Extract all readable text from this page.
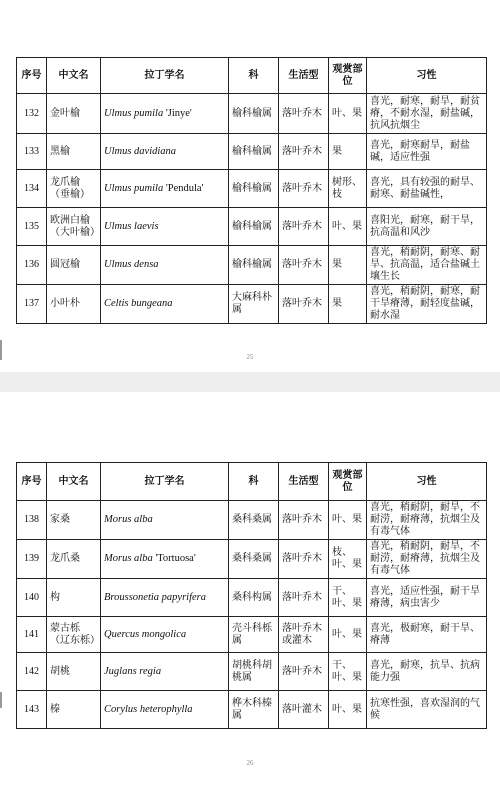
序号	中文名	拉丁学名	科	生活型	观赏部位	习性
132	金叶榆	Ulmus pumila 'Jinye'	榆科榆属	落叶乔木	叶、果	喜光，耐寒，耐旱，耐贫瘠，不耐水湿，耐盐碱，抗风抗烟尘
133	黑榆	Ulmus davidiana	榆科榆属	落叶乔木	果	喜光，耐寒耐旱，耐盐碱，适应性强
134	龙爪榆（垂榆）	Ulmus pumila 'Pendula'	榆科榆属	落叶乔木	树形、枝	喜光，具有较强的耐旱、耐寒、耐盐碱性，
135	欧洲白榆（大叶榆）	Ulmus laevis	榆科榆属	落叶乔木	叶、果	喜阳光，耐寒，耐干旱，抗高温和风沙
136	圆冠榆	Ulmus densa	榆科榆属	落叶乔木	果	喜光，稍耐阴，耐寒、耐旱、抗高温，适合盐碱土壤生长
137	小叶朴	Celtis bungeana	大麻科朴属	落叶乔木	果	喜光，稍耐阴，耐寒，耐干旱瘠薄，耐轻度盐碱，耐水湿
25
序号	中文名	拉丁学名	科	生活型	观赏部位	习性
138	家桑	Morus alba	桑科桑属	落叶乔木	叶、果	喜光，稍耐阴，耐旱，不耐涝，耐瘠薄，抗烟尘及有毒气体
139	龙爪桑	Morus alba 'Tortuosa'	桑科桑属	落叶乔木	枝、叶、果	喜光，稍耐阴，耐旱，不耐涝，耐瘠薄，抗烟尘及有毒气体
140	构	Broussonetia papyrifera	桑科构属	落叶乔木	干、叶、果	喜光，适应性强，耐干旱瘠薄，病虫害少
141	蒙古栎（辽东栎）	Quercus mongolica	壳斗科栎属	落叶乔木或灌木	叶、果	喜光，极耐寒，耐干旱、瘠薄
142	胡桃	Juglans regia	胡桃科胡桃属	落叶乔木	干、叶、果	喜光，耐寒，抗旱、抗病能力强
143	榛	Corylus heterophylla	桦木科榛属	落叶灌木	叶、果	抗寒性强，喜欢湿润的气候
26
